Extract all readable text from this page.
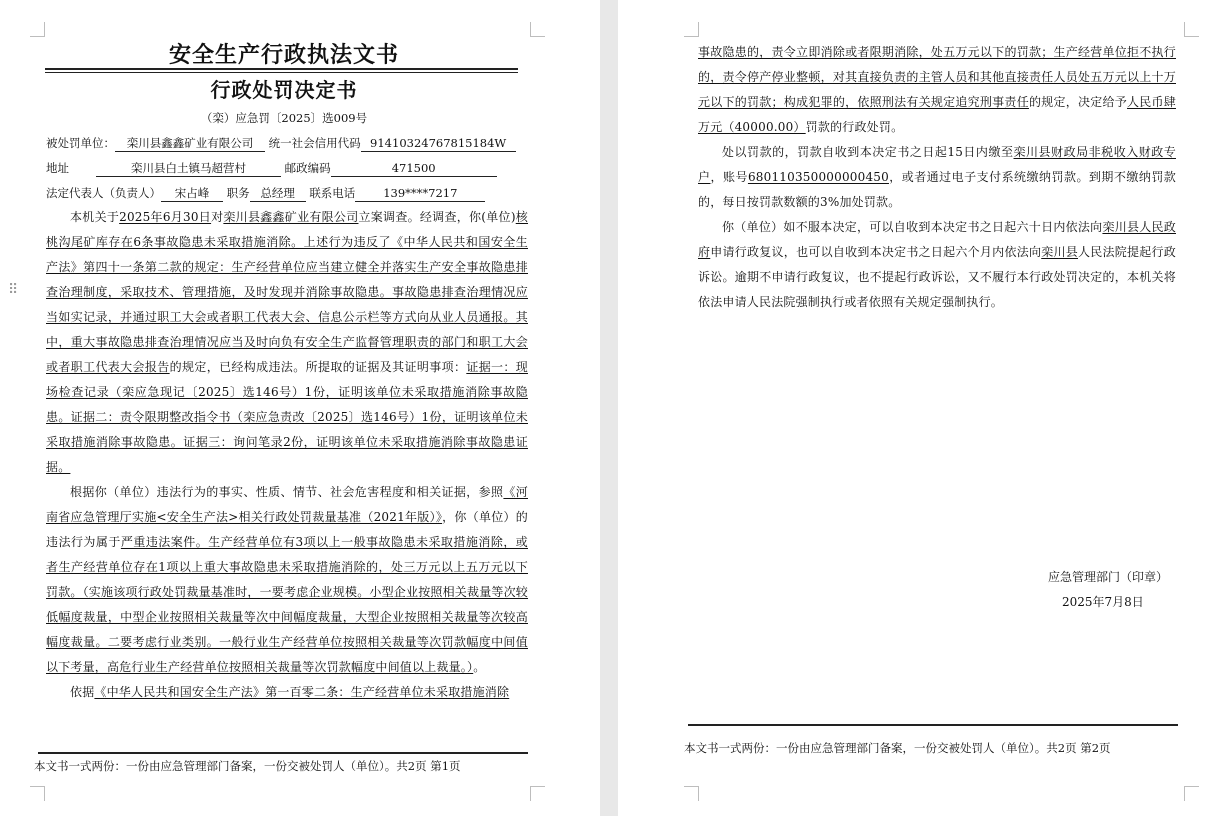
⠿
安全生产行政执法文书
行政处罚决定书
（栾）应急罚〔2025〕选009号
被处罚单位： 栾川县鑫鑫矿业有限公司 统一社会信用代码 91410324767815184W
地址	栾川县白土镇马超营村	邮政编码	471500
法定代表人（负责人） 宋占峰 职务 总经理 联系电话 139****7217

本机关于2025年6月30日对栾川县鑫鑫矿业有限公司立案调查。经调查，你(单位)核桃沟尾矿库存在6条事故隐患未采取措施消除。上述行为违反了《中华人民共和国安全生产法》第四十一条第二款的规定：生产经营单位应当建立健全并落实生产安全事故隐患排查治理制度，采取技术、管理措施，及时发现并消除事故隐患。事故隐患排查治理情况应当如实记录，并通过职工大会或者职工代表大会、信息公示栏等方式向从业人员通报。其中，重大事故隐患排查治理情况应当及时向负有安全生产监督管理职责的部门和职工大会或者职工代表大会报告的规定，已经构成违法。所提取的证据及其证明事项：证据一：现场检查记录（栾应急现记〔2025〕选146号）1份，证明该单位未采取措施消除事故隐患。证据二：责令限期整改指令书（栾应急责改〔2025〕选146号）1份，证明该单位未采取措施消除事故隐患。证据三：询问笔录2份，证明该单位未采取措施消除事故隐患证据。

根据你（单位）违法行为的事实、性质、情节、社会危害程度和相关证据，参照《河南省应急管理厅实施<安全生产法>相关行政处罚裁量基准（2021年版）》，你（单位）的违法行为属于严重违法案件。生产经营单位有3项以上一般事故隐患未采取措施消除，或者生产经营单位存在1项以上重大事故隐患未采取措施消除的，处三万元以上五万元以下罚款。（实施该项行政处罚裁量基准时，一要考虑企业规模。小型企业按照相关裁量等次较低幅度裁量，中型企业按照相关裁量等次中间幅度裁量，大型企业按照相关裁量等次较高幅度裁量。二要考虑行业类别。一般行业生产经营单位按照相关裁量等次罚款幅度中间值以下考量，高危行业生产经营单位按照相关裁量等次罚款幅度中间值以上裁量。）。

依据《中华人民共和国安全生产法》第一百零二条：生产经营单位未采取措施消除

本文书一式两份：一份由应急管理部门备案，一份交被处罚人（单位）。共2页 第1页

事故隐患的，责令立即消除或者限期消除，处五万元以下的罚款；生产经营单位拒不执行的，责令停产停业整顿，对其直接负责的主管人员和其他直接责任人员处五万元以上十万元以下的罚款；构成犯罪的，依照刑法有关规定追究刑事责任的规定，决定给予人民币肆万元（40000.00）罚款的行政处罚。

处以罚款的，罚款自收到本决定书之日起15日内缴至栾川县财政局非税收入财政专户，账号680110350000000450，或者通过电子支付系统缴纳罚款。到期不缴纳罚款的，每日按罚款数额的3%加处罚款。

你（单位）如不服本决定，可以自收到本决定书之日起六十日内依法向栾川县人民政府申请行政复议，也可以自收到本决定书之日起六个月内依法向栾川县人民法院提起行政诉讼。逾期不申请行政复议，也不提起行政诉讼，又不履行本行政处罚决定的，本机关将依法申请人民法院强制执行或者依照有关规定强制执行。

应急管理部门（印章）
2025年7月8日
本文书一式两份：一份由应急管理部门备案，一份交被处罚人（单位）。共2页 第2页
